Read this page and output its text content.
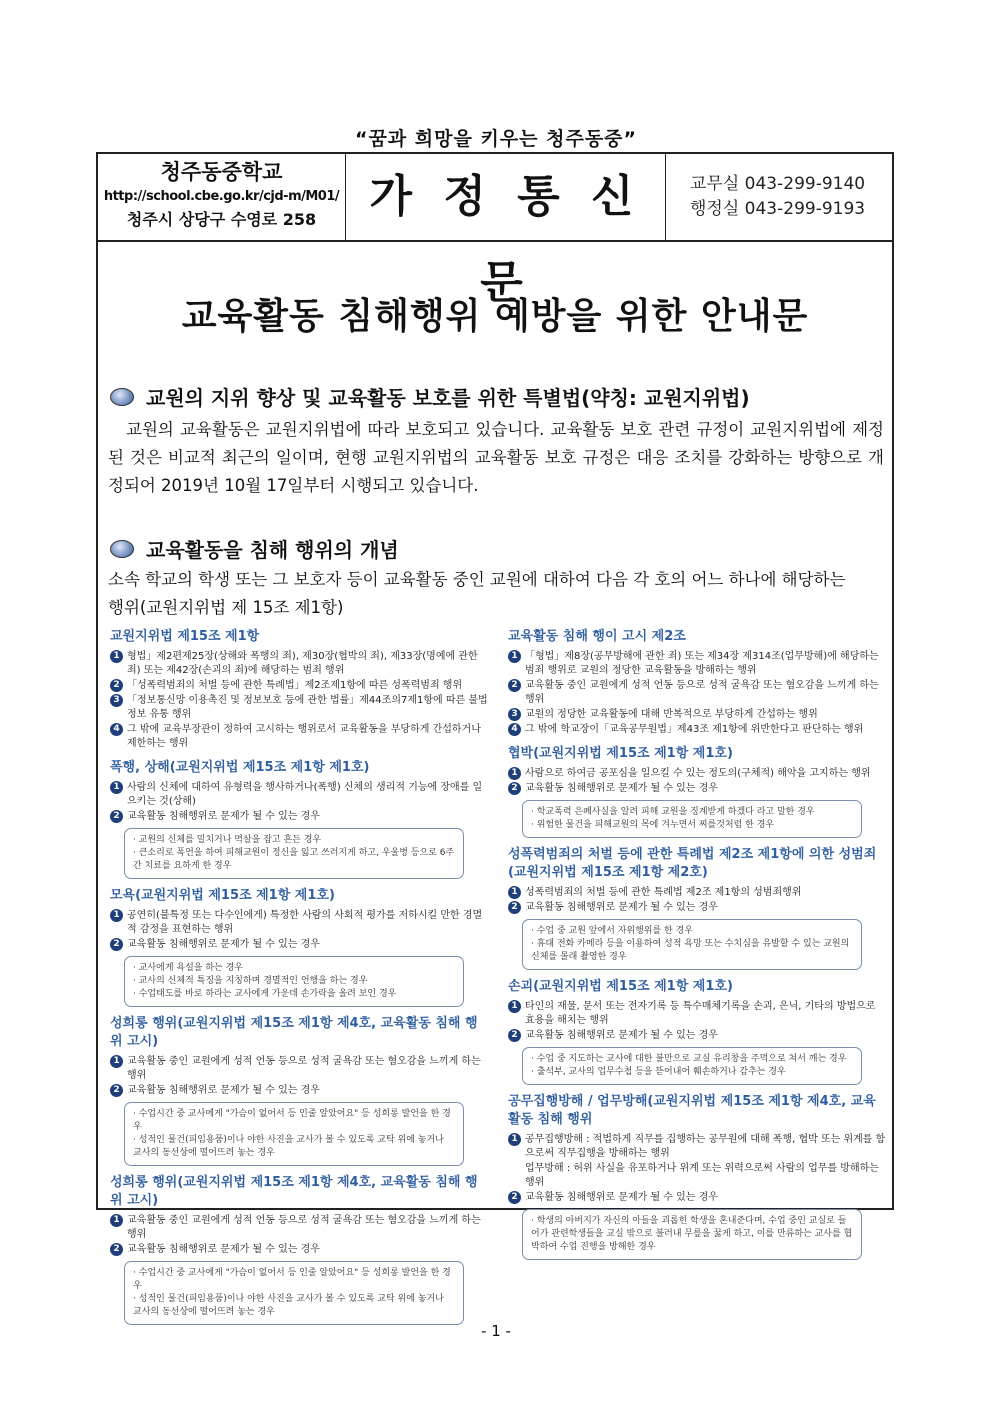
“꿈과 희망을 키우는 청주동중”
청주동중학교
http://school.cbe.go.kr/cjd-m/M01/
청주시 상당구 수영로 258	가 정 통 신 문
교무실 043-299-9140
행정실 043-299-9193
교육활동 침해행위 예방을 위한 안내문
교원의 지위 향상 및 교육활동 보호를 위한 특별법(약칭: 교원지위법)
교원의 교육활동은 교원지위법에 따라 보호되고 있습니다. 교육활동 보호 관련 규정이 교원지위법에 제정된 것은 비교적 최근의 일이며, 현행 교원지위법의 교육활동 보호 규정은 대응 조치를 강화하는 방향으로 개정되어 2019년 10월 17일부터 시행되고 있습니다.
교육활동을 침해 행위의 개념
소속 학교의 학생 또는 그 보호자 등이 교육활동 중인 교원에 대하여 다음 각 호의 어느 하나에 해당하는 행위(교원지위법 제 15조 제1항)
교원지위법 제15조 제1항
1 형법」제2편제25장(상해와 폭행의 죄), 제30장(협박의 죄), 제33장(명예에 관한 죄) 또는 제42장(손괴의 죄)에 해당하는 범죄 행위
2 「성폭력범죄의 처벌 등에 관한 특례법」제2조제1항에 따른 성폭력범죄 행위
3 「정보통신망 이용촉진 및 정보보호 등에 관한 법률」제44조의7제1항에 따른 불법정보 유통 행위
4 그 밖에 교육부장관이 정하여 고시하는 행위로서 교육활동을 부당하게 간섭하거나 제한하는 행위
폭행, 상해(교원지위법 제15조 제1항 제1호)
1 사람의 신체에 대하여 유형력을 행사하거나(폭행) 신체의 생리적 기능에 장애를 일으키는 것(상해)
2 교육활동 침해행위로 문제가 될 수 있는 경우
· 교원의 신체를 밀치거나 멱살을 잡고 흔든 경우
· 큰소리로 폭언을 하여 피해교원이 정신을 잃고 쓰러지게 하고, 우울병 등으로 6주간 치료를 요하게 한 경우
모욕(교원지위법 제15조 제1항 제1호)
1 공연히(불특정 또는 다수인에게) 특정한 사람의 사회적 평가를 저하시킬 만한 경멸적 감정을 표현하는 행위
2 교육활동 침해행위로 문제가 될 수 있는 경우
· 교사에게 욕설을 하는 경우
· 교사의 신체적 특징을 지칭하며 경멸적인 언행을 하는 경우
· 수업태도를 바로 하라는 교사에게 가운데 손가락을 올려 보인 경우
성희롱 행위(교원지위법 제15조 제1항 제4호, 교육활동 침해 행위 고시)
1 교육활동 중인 교원에게 성적 언동 등으로 성적 굴욕감 또는 혐오감을 느끼게 하는 행위
2 교육활동 침해행위로 문제가 될 수 있는 경우
· 수업시간 중 교사에게 "가슴이 없어서 등 인줄 알았어요" 등 성희롱 발언을 한 경우
· 성적인 물건(피임용품)이나 야한 사진을 교사가 볼 수 있도록 교탁 위에 놓거나 교사의 동선상에 떨어뜨려 놓는 경우
성희롱 행위(교원지위법 제15조 제1항 제4호, 교육활동 침해 행위 고시)
1 교육활동 중인 교원에게 성적 언동 등으로 성적 굴욕감 또는 혐오감을 느끼게 하는 행위
2 교육활동 침해행위로 문제가 될 수 있는 경우
· 수업시간 중 교사에게 "가슴이 없어서 등 인줄 알았어요" 등 성희롱 발언을 한 경우
· 성적인 물건(피임용품)이나 야한 사진을 교사가 볼 수 있도록 교탁 위에 놓거나 교사의 동선상에 떨어뜨려 놓는 경우
교육활동 침해 행이 고시 제2조
1 「형법」제8장(공무방해에 관한 죄) 또는 제34장 제314조(업무방해)에 해당하는 범죄 행위로 교원의 정당한 교육활동을 방해하는 행위
2 교육활동 중인 교원에게 성적 언동 등으로 성적 굴욕감 또는 혐오감을 느끼게 하는 행위
3 교원의 정당한 교육활동에 대해 반복적으로 부당하게 간섭하는 행위
4 그 밖에 학교장이「교육공무원법」제43조 제1항에 위반한다고 판단하는 행위
협박(교원지위법 제15조 제1항 제1호)
1 사람으로 하여금 공포심을 일으킬 수 있는 정도의(구체적) 해악을 고지하는 행위
2 교육활동 침해행위로 문제가 될 수 있는 경우
· 학교폭력 은폐사실을 알려 피해 교원을 징계받게 하겠다 라고 말한 경우
· 위험한 물건을 피해교원의 목에 겨누면서 찌를것처럼 한 경우
성폭력범죄의 처벌 등에 관한 특례법 제2조 제1항에 의한 성범죄 (교원지위법 제15조 제1항 제2호)
1 성폭력범죄의 처벌 등에 관한 특례법 제2조 제1항의 성범죄행위
2 교육활동 침해행위로 문제가 될 수 있는 경우
· 수업 중 교원 앞에서 자위행위를 한 경우
· 휴대 전화 카메라 등을 이용하여 성적 욕망 또는 수치심을 유발할 수 있는 교원의 신체를 몰래 촬영한 경우
손괴(교원지위법 제15조 제1항 제1호)
1 타인의 재물, 문서 또는 전자기록 등 특수매체기록을 손괴, 은닉, 기타의 방법으로 효용을 해치는 행위
2 교육활동 침해행위로 문제가 될 수 있는 경우
· 수업 중 지도하는 교사에 대한 불만으로 교실 유리창을 주먹으로 쳐서 깨는 경우
· 출석부, 교사의 업무수첩 등을 뜯어내어 훼손하거나 감추는 경우
공무집행방해 / 업무방해(교원지위법 제15조 제1항 제4호, 교육활동 침해 행위
1 공무집행방해 : 적법하게 직무를 집행하는 공무원에 대해 폭행, 협박 또는 위계를 함으로써 직무집행을 방해하는 행위
업무방해 : 허위 사실을 유포하거나 위계 또는 위력으로써 사람의 업무를 방해하는 행위
2 교육활동 침해행위로 문제가 될 수 있는 경우
· 학생의 아버지가 자신의 아들을 괴롭힌 학생을 혼내준다며, 수업 중인 교실로 들어가 관련학생들을 교실 밖으로 불러내 무릎을 꿇게 하고, 이를 만류하는 교사를 협박하여 수업 진행을 방해한 경우
- 1 -
